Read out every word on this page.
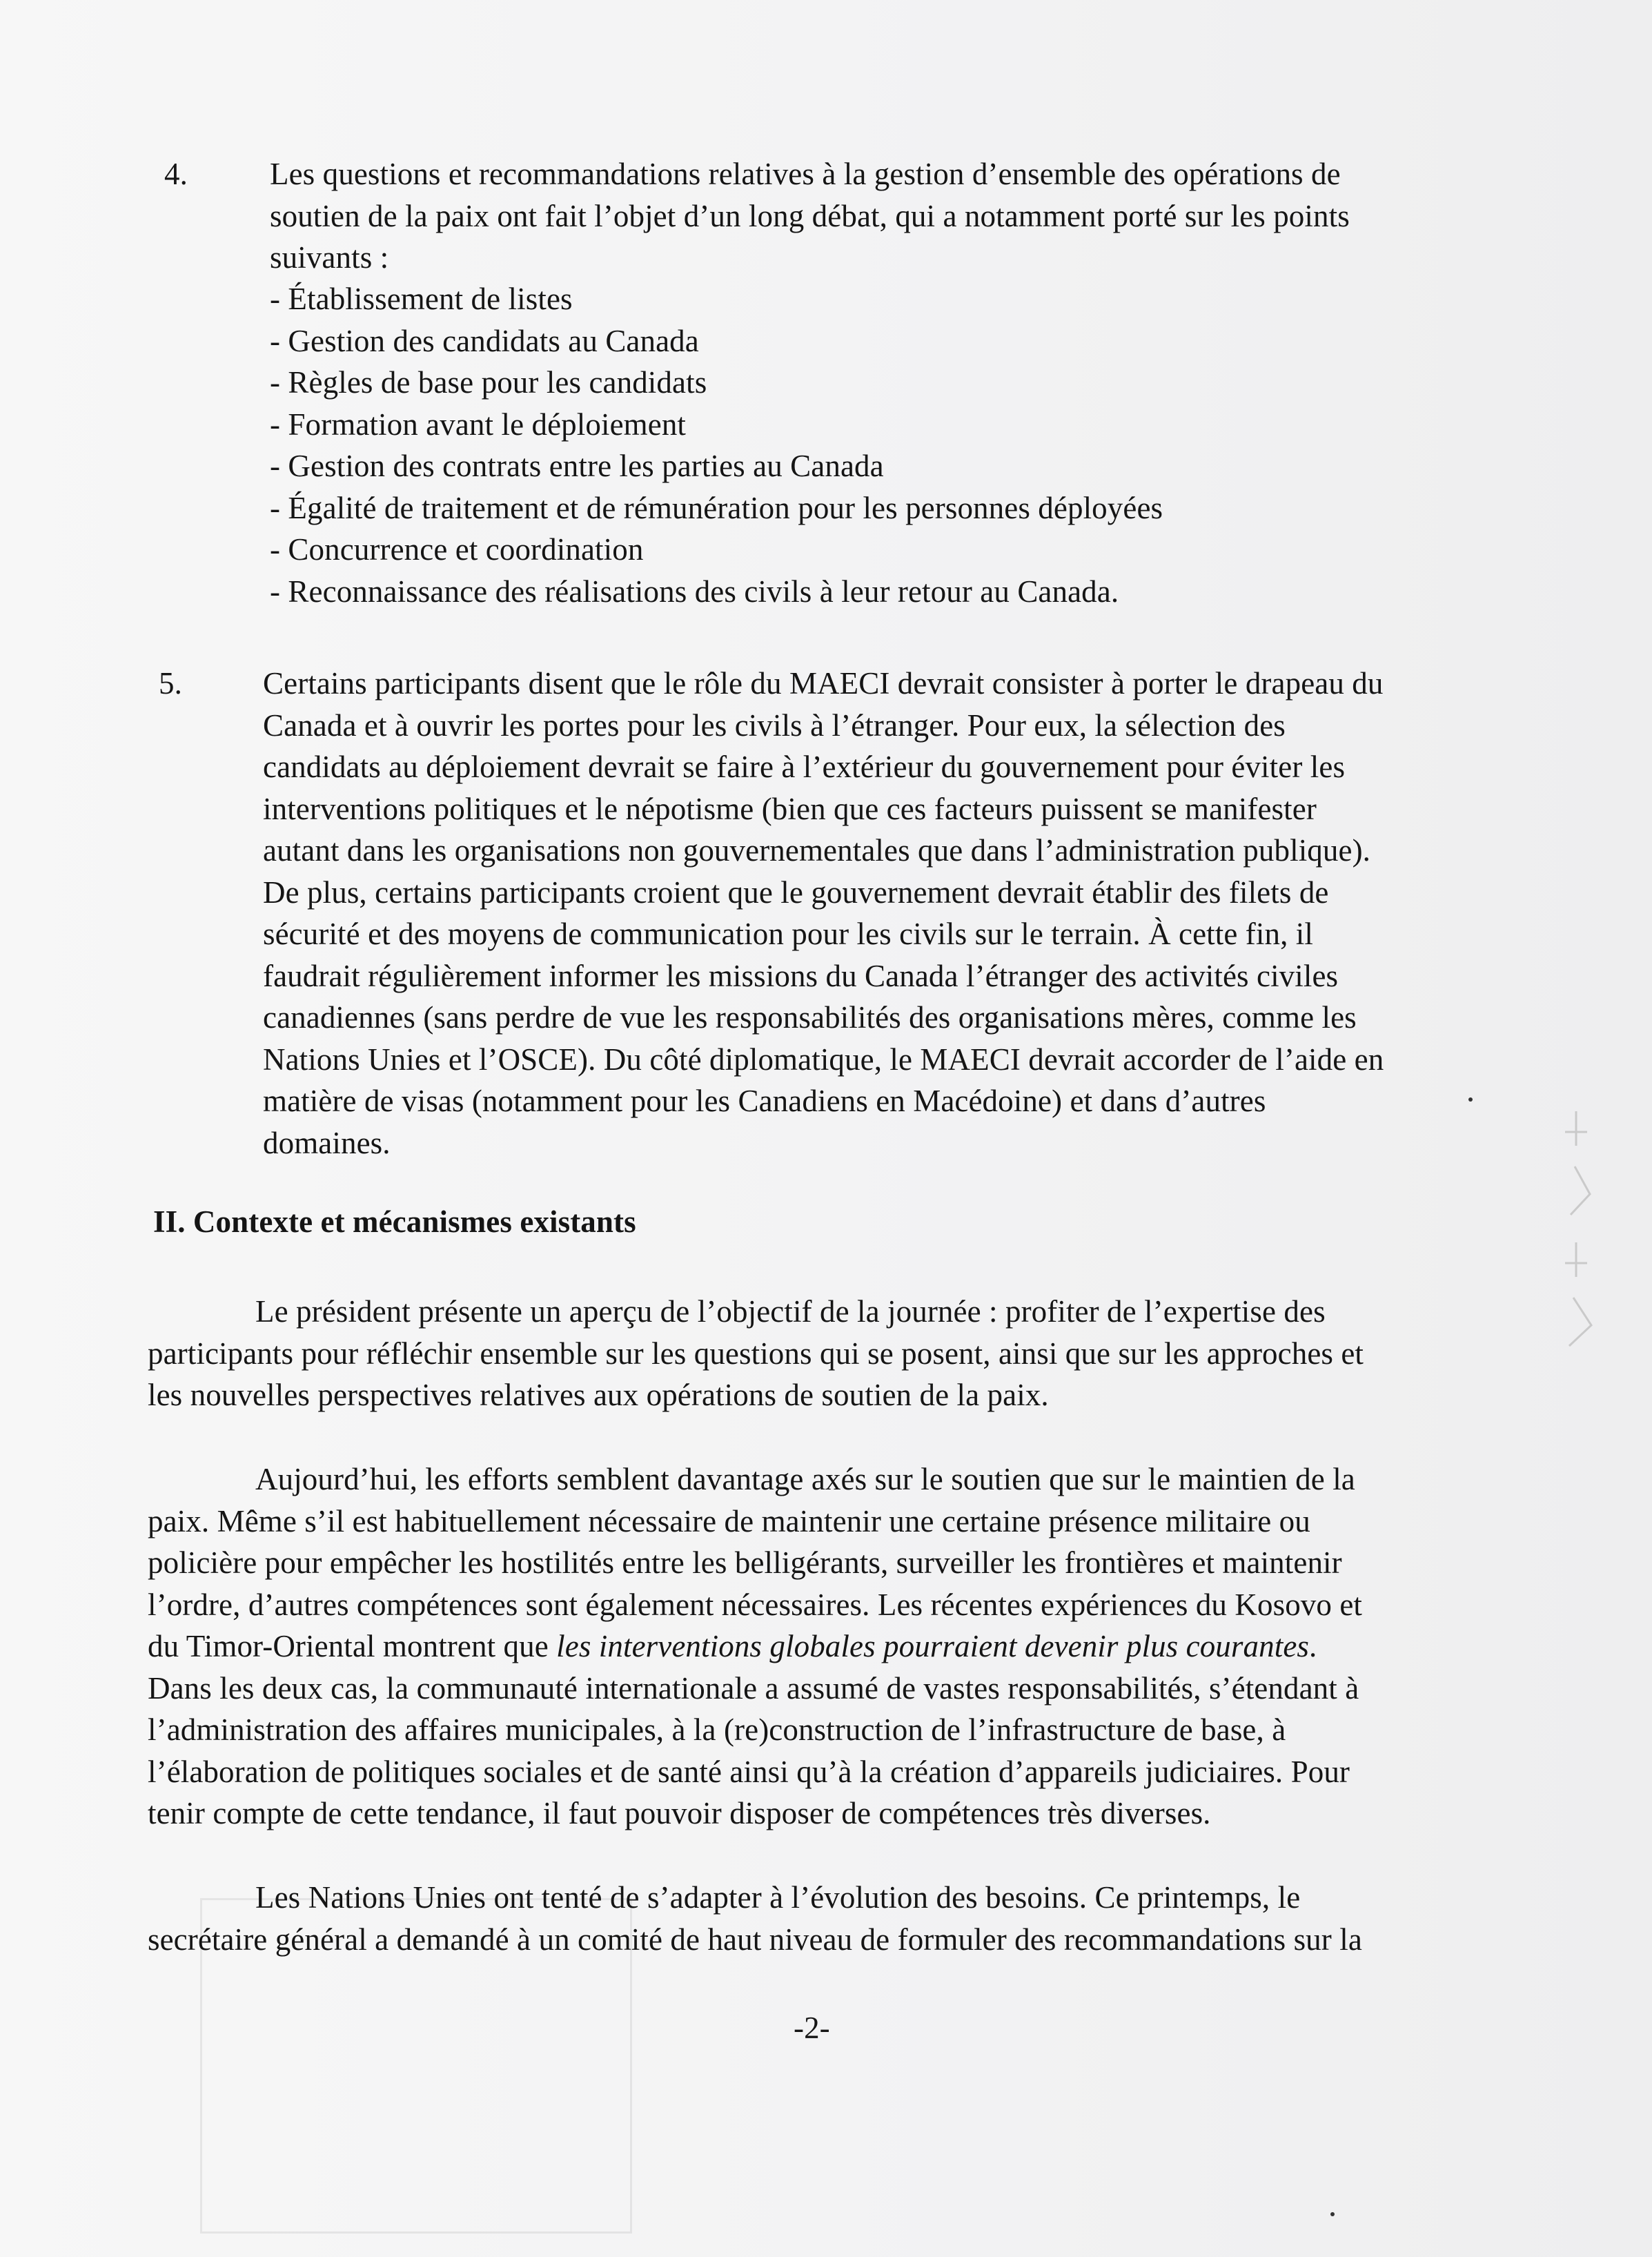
4.	Les questions et recommandations relatives à la gestion d’ensemble des opérations de
soutien de la paix ont fait l’objet d’un long débat, qui a notamment porté sur les points
suivants :
- Établissement de listes
- Gestion des candidats au Canada
- Règles de base pour les candidats
- Formation avant le déploiement
- Gestion des contrats entre les parties au Canada
- Égalité de traitement et de rémunération pour les personnes déployées
- Concurrence et coordination
- Reconnaissance des réalisations des civils à leur retour au Canada.
5.	Certains participants disent que le rôle du MAECI devrait consister à porter le drapeau du
Canada et à ouvrir les portes pour les civils à l’étranger. Pour eux, la sélection des
candidats au déploiement devrait se faire à l’extérieur du gouvernement pour éviter les
interventions politiques et le népotisme (bien que ces facteurs puissent se manifester
autant dans les organisations non gouvernementales que dans l’administration publique).
De plus, certains participants croient que le gouvernement devrait établir des filets de
sécurité et des moyens de communication pour les civils sur le terrain. À cette fin, il
faudrait régulièrement informer les missions du Canada l’étranger des activités civiles
canadiennes (sans perdre de vue les responsabilités des organisations mères, comme les
Nations Unies et l’OSCE). Du côté diplomatique, le MAECI devrait accorder de l’aide en
matière de visas (notamment pour les Canadiens en Macédoine) et dans d’autres
domaines.
II. Contexte et mécanismes existants
Le président présente un aperçu de l’objectif de la journée : profiter de l’expertise des
participants pour réfléchir ensemble sur les questions qui se posent, ainsi que sur les approches et
les nouvelles perspectives relatives aux opérations de soutien de la paix.
Aujourd’hui, les efforts semblent davantage axés sur le soutien que sur le maintien de la
paix. Même s’il est habituellement nécessaire de maintenir une certaine présence militaire ou
policière pour empêcher les hostilités entre les belligérants, surveiller les frontières et maintenir
l’ordre, d’autres compétences sont également nécessaires. Les récentes expériences du Kosovo et
du Timor-Oriental montrent que les interventions globales pourraient devenir plus courantes.
Dans les deux cas, la communauté internationale a assumé de vastes responsabilités, s’étendant à
l’administration des affaires municipales, à la (re)construction de l’infrastructure de base, à
l’élaboration de politiques sociales et de santé ainsi qu’à la création d’appareils judiciaires. Pour
tenir compte de cette tendance, il faut pouvoir disposer de compétences très diverses.
Les Nations Unies ont tenté de s’adapter à l’évolution des besoins. Ce printemps, le
secrétaire général a demandé à un comité de haut niveau de formuler des recommandations sur la
-2-
